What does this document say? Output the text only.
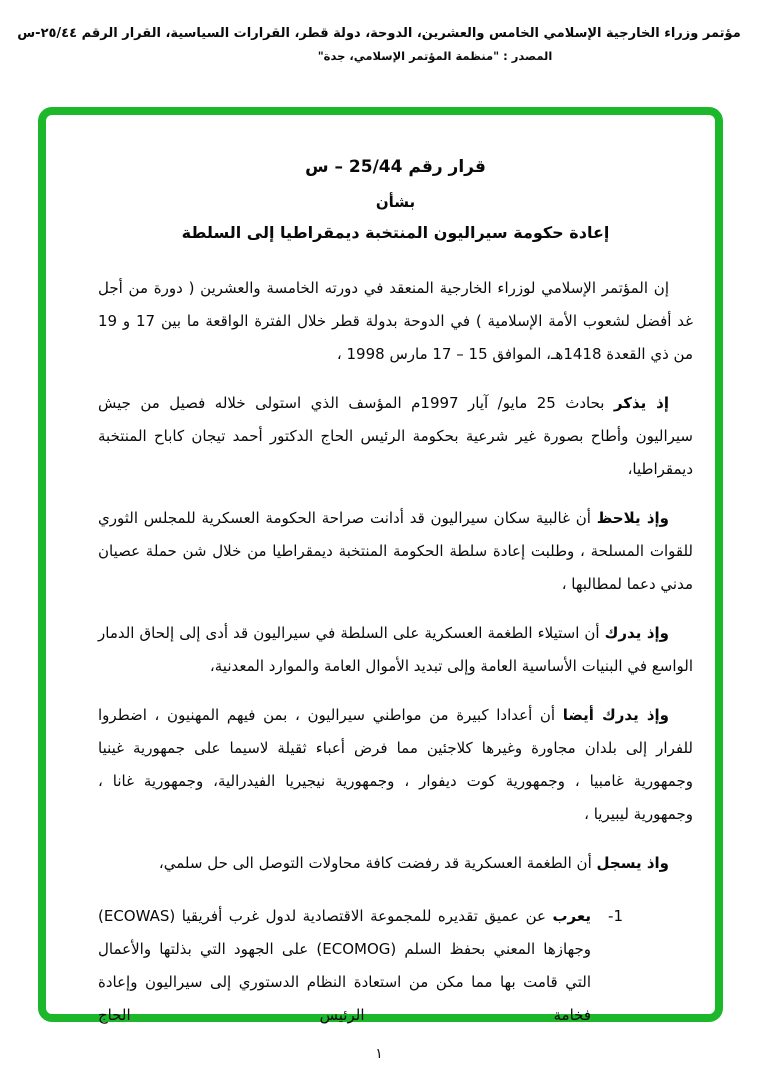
مؤتمر وزراء الخارجية الإسلامي الخامس والعشرين، الدوحة، دولة قطر، القرارات السياسية، القرار الرقم ٢٥/٤٤-س
المصدر : "منظمة المؤتمر الإسلامي، جدة"
قرار رقم 25/44 – س
بشأن
إعادة حكومة سيراليون المنتخبة ديمقراطيا إلى السلطة

إن المؤتمر الإسلامي لوزراء الخارجية المنعقد في دورته الخامسة والعشرين ( دورة من أجل غد أفضل لشعوب الأمة الإسلامية ) في الدوحة بدولة قطر خلال الفترة الواقعة ما بين 17 و 19 من ذي القعدة 1418هـ، الموافق 15 – 17 مارس 1998 ،

إذ يذكر بحادث 25 مايو/ آيار 1997م المؤسف الذي استولى خلاله فصيل من جيش سيراليون وأطاح بصورة غير شرعية بحكومة الرئيس الحاج الدكتور أحمد تيجان كاباح المنتخبة ديمقراطيا،

وإذ يلاحظ أن غالبية سكان سيراليون قد أدانت صراحة الحكومة العسكرية للمجلس الثوري للقوات المسلحة ، وطلبت إعادة سلطة الحكومة المنتخبة ديمقراطيا من خلال شن حملة عصيان مدني دعما لمطالبها ،

وإذ يدرك أن استيلاء الطغمة العسكرية على السلطة في سيراليون قد أدى إلى إلحاق الدمار الواسع في البنيات الأساسية العامة وإلى تبديد الأموال العامة والموارد المعدنية،

وإذ يدرك أيضا أن أعدادا كبيرة من مواطني سيراليون ، بمن فيهم المهنيون ، اضطروا للفرار إلى بلدان مجاورة وغيرها كلاجئين مما فرض أعباء ثقيلة لاسيما على جمهورية غينيا وجمهورية غامبيا ، وجمهورية كوت ديفوار ، وجمهورية نيجيريا الفيدرالية، وجمهورية غانا ، وجمهورية ليبيريا ،

واذ يسجل أن الطغمة العسكرية قد رفضت كافة محاولات التوصل الى حل سلمي،

1-

يعرب عن عميق تقديره للمجموعة الاقتصادية لدول غرب أفريقيا (ECOWAS) وجهازها المعني بحفظ السلم (ECOMOG) على الجهود التي بذلتها والأعمال التي قامت بها مما مكن من استعادة النظام الدستوري إلى سيراليون وإعادة فخامة الرئيس الحاج

١
